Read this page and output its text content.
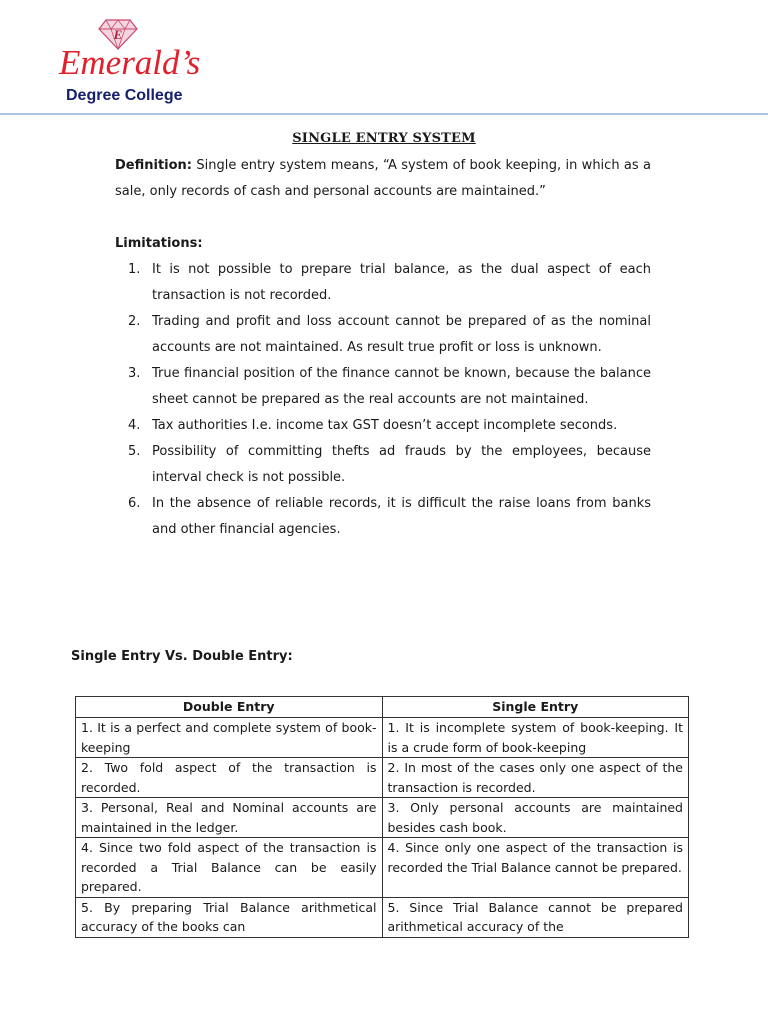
E
Emerald’s
Degree College
SINGLE ENTRY SYSTEM

Definition: Single entry system means, “A system of book keeping, in which as a sale, only records of cash and personal accounts are maintained.”

Limitations:
1. It is not possible to prepare trial balance, as the dual aspect of each transaction is not recorded.
2. Trading and profit and loss account cannot be prepared of as the nominal accounts are not maintained. As result true profit or loss is unknown.
3. True financial position of the finance cannot be known, because the balance sheet cannot be prepared as the real accounts are not maintained.
4. Tax authorities I.e. income tax GST doesn’t accept incomplete seconds.
5. Possibility of committing thefts ad frauds by the employees, because interval check is not possible.
6. In the absence of reliable records, it is difficult the raise loans from banks and other financial agencies.
Single Entry Vs. Double Entry:
Double Entry	Single Entry
1. It is a perfect and complete system of book-keeping	1. It is incomplete system of book-keeping. It is a crude form of book-keeping
2. Two fold aspect of the transaction is recorded.	2. In most of the cases only one aspect of the transaction is recorded.
3. Personal, Real and Nominal accounts are maintained in the ledger.	3. Only personal accounts are maintained besides cash book.
4. Since two fold aspect of the transaction is recorded a Trial Balance can be easily prepared.	4. Since only one aspect of the transaction is recorded the Trial Balance cannot be prepared.

5. By preparing Trial Balance arithmetical accuracy of the books can	5. Since Trial Balance cannot be prepared arithmetical accuracy of the
